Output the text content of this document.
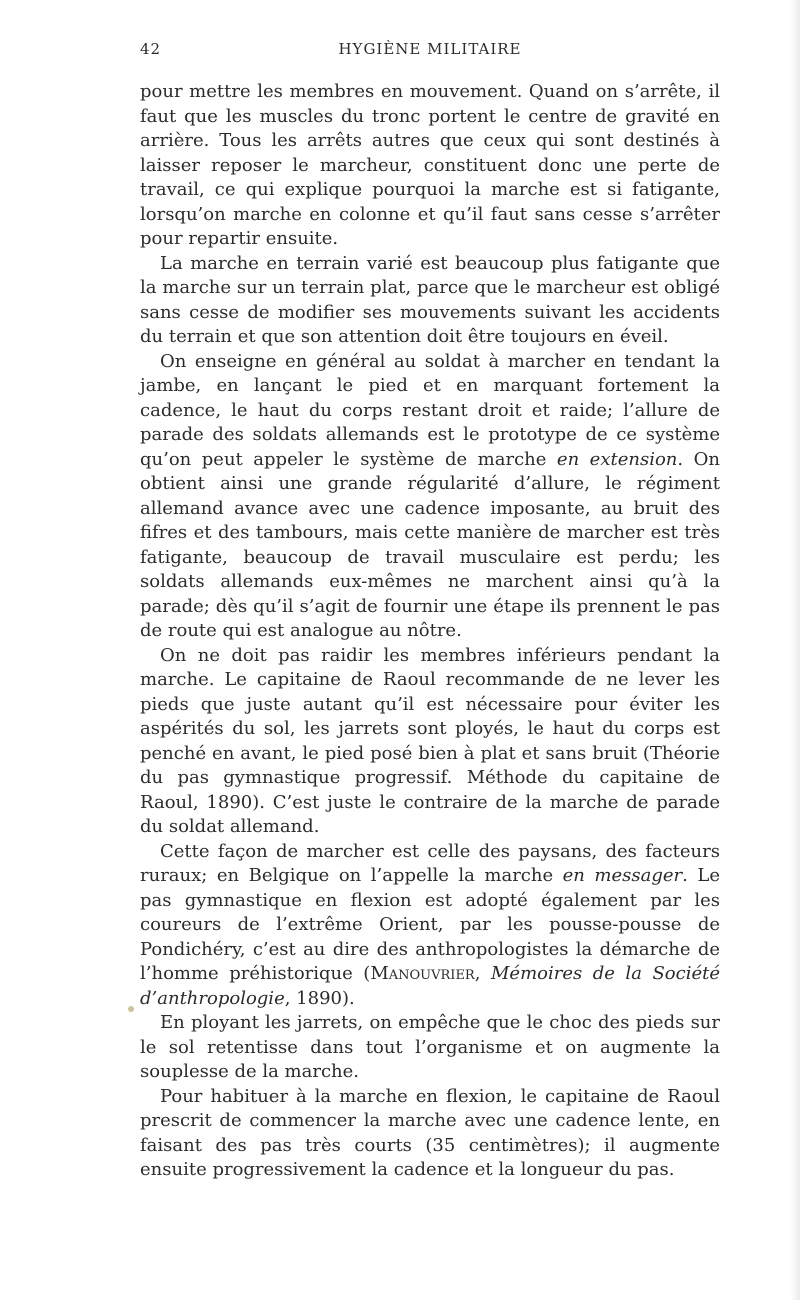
42	HYGIÈNE MILITAIRE

pour mettre les membres en mouvement. Quand on s’arrête, il faut que les muscles du tronc portent le centre de gravité en arrière. Tous les arrêts autres que ceux qui sont destinés à laisser reposer le marcheur, constituent donc une perte de travail, ce qui explique pourquoi la marche est si fatigante, lorsqu’on marche en colonne et qu’il faut sans cesse s’arrêter pour repartir ensuite.

La marche en terrain varié est beaucoup plus fatigante que la marche sur un terrain plat, parce que le marcheur est obligé sans cesse de modifier ses mouvements suivant les accidents du terrain et que son attention doit être toujours en éveil.

On enseigne en général au soldat à marcher en tendant la jambe, en lançant le pied et en marquant fortement la cadence, le haut du corps restant droit et raide; l’allure de parade des soldats allemands est le prototype de ce système qu’on peut appeler le système de marche en extension. On obtient ainsi une grande régularité d’allure, le régiment allemand avance avec une cadence imposante, au bruit des fifres et des tambours, mais cette manière de marcher est très fatigante, beaucoup de travail musculaire est perdu; les soldats allemands eux-mêmes ne marchent ainsi qu’à la parade; dès qu’il s’agit de fournir une étape ils prennent le pas de route qui est analogue au nôtre.

On ne doit pas raidir les membres inférieurs pendant la marche. Le capitaine de Raoul recommande de ne lever les pieds que juste autant qu’il est nécessaire pour éviter les aspérités du sol, les jarrets sont ployés, le haut du corps est penché en avant, le pied posé bien à plat et sans bruit (Théorie du pas gymnastique progressif. Méthode du capitaine de Raoul, 1890). C’est juste le contraire de la marche de parade du soldat allemand.

Cette façon de marcher est celle des paysans, des facteurs ruraux; en Belgique on l’appelle la marche en messager. Le pas gymnastique en flexion est adopté également par les coureurs de l’extrême Orient, par les pousse-pousse de Pondichéry, c’est au dire des anthropologistes la démarche de l’homme préhistorique (Manouvrier, Mémoires de la Société d’anthropologie, 1890).

En ployant les jarrets, on empêche que le choc des pieds sur le sol retentisse dans tout l’organisme et on augmente la souplesse de la marche.

Pour habituer à la marche en flexion, le capitaine de Raoul prescrit de commencer la marche avec une cadence lente, en faisant des pas très courts (35 centimètres); il augmente ensuite progressivement la cadence et la longueur du pas.
